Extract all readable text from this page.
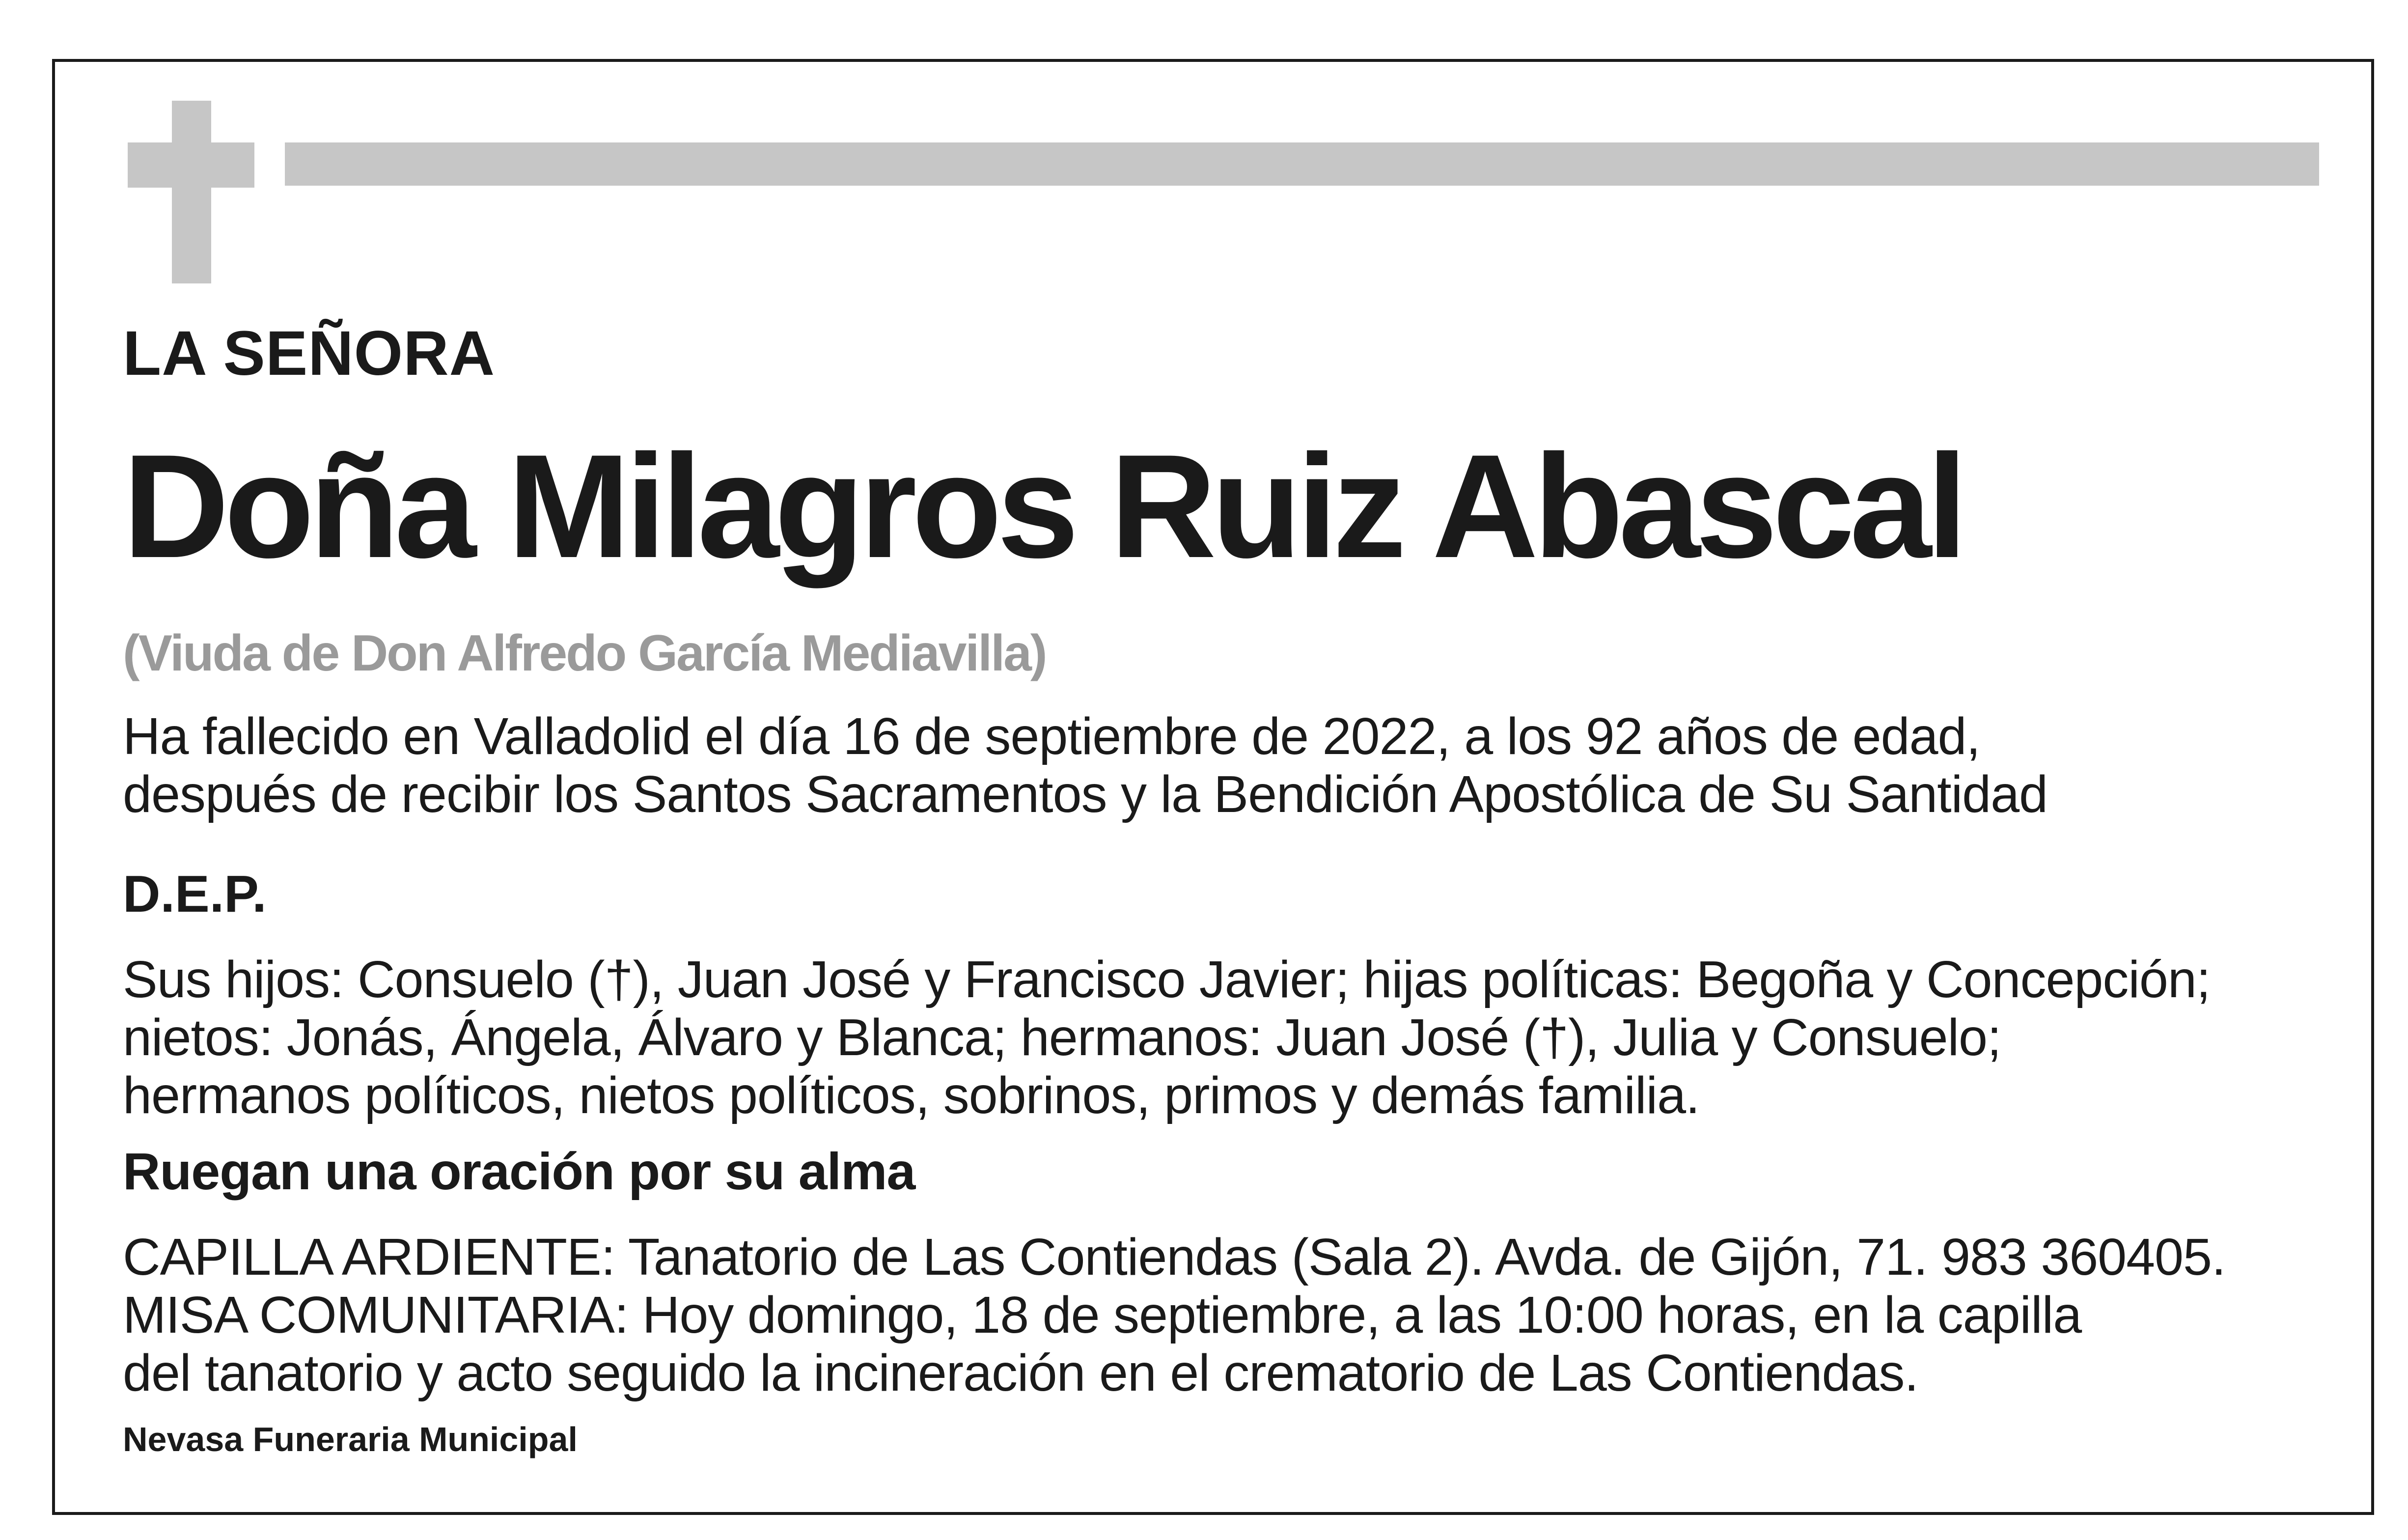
LA SEÑORA

Doña Milagros Ruiz Abascal

(Viuda de Don Alfredo García Mediavilla)

Ha fallecido en Valladolid el día 16 de septiembre de 2022, a los 92 años de edad,
después de recibir los Santos Sacramentos y la Bendición Apostólica de Su Santidad

D.E.P.

Sus hijos: Consuelo (†), Juan José y Francisco Javier; hijas políticas: Begoña y Concepción;
nietos: Jonás, Ángela, Álvaro y Blanca; hermanos: Juan José (†), Julia y Consuelo;
hermanos políticos, nietos políticos, sobrinos, primos y demás familia.

Ruegan una oración por su alma

CAPILLA ARDIENTE: Tanatorio de Las Contiendas (Sala 2). Avda. de Gijón, 71. 983 360405.
MISA COMUNITARIA: Hoy domingo, 18 de septiembre, a las 10:00 horas, en la capilla
del tanatorio y acto seguido la incineración en el crematorio de Las Contiendas.

Nevasa Funeraria Municipal
